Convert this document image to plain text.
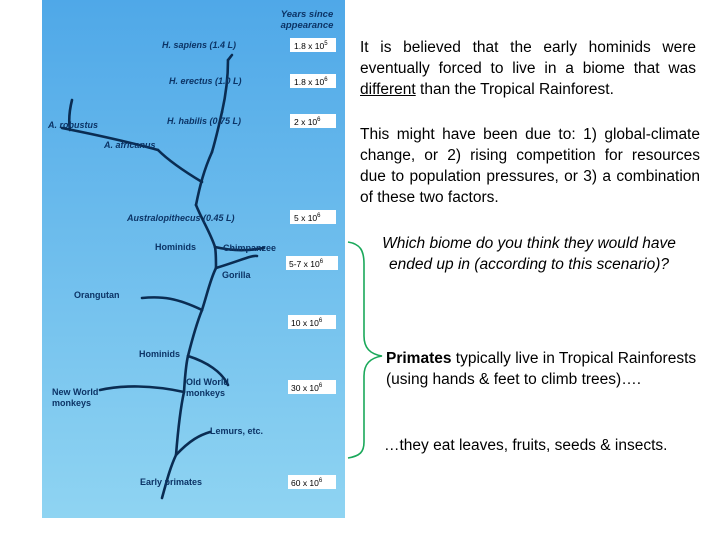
Years since
appearance
H. sapiens (1.4 L)
H. erectus (1.0 L)
H. habilis (0.75 L)
A. robustus
A. africanus
Australopithecus (0.45 L)
Hominids	Chimpanzee
Gorilla
Orangutan
Hominids
New World
monkeys
Old World
monkeys
Lemurs, etc.
Early primates
1.8 x $10^5$
1.8 x $10^6$
2 x $10^6$
5 x $10^6$
5-7 x $10^6$
10 x $10^6$
30 x $10^6$
60 x $10^6$
It is believed that the early hominids were eventually forced to live in a biome that was different than the Tropical Rainforest.
This might have been due to: 1) global-climate change, or 2) rising competition for resources due to population pressures, or 3) a combination of these two factors.
Which biome do you think they would have ended up in (according to this scenario)?
Primates typically live in Tropical Rainforests (using hands & feet to climb trees)….
…they eat leaves, fruits, seeds & insects.
